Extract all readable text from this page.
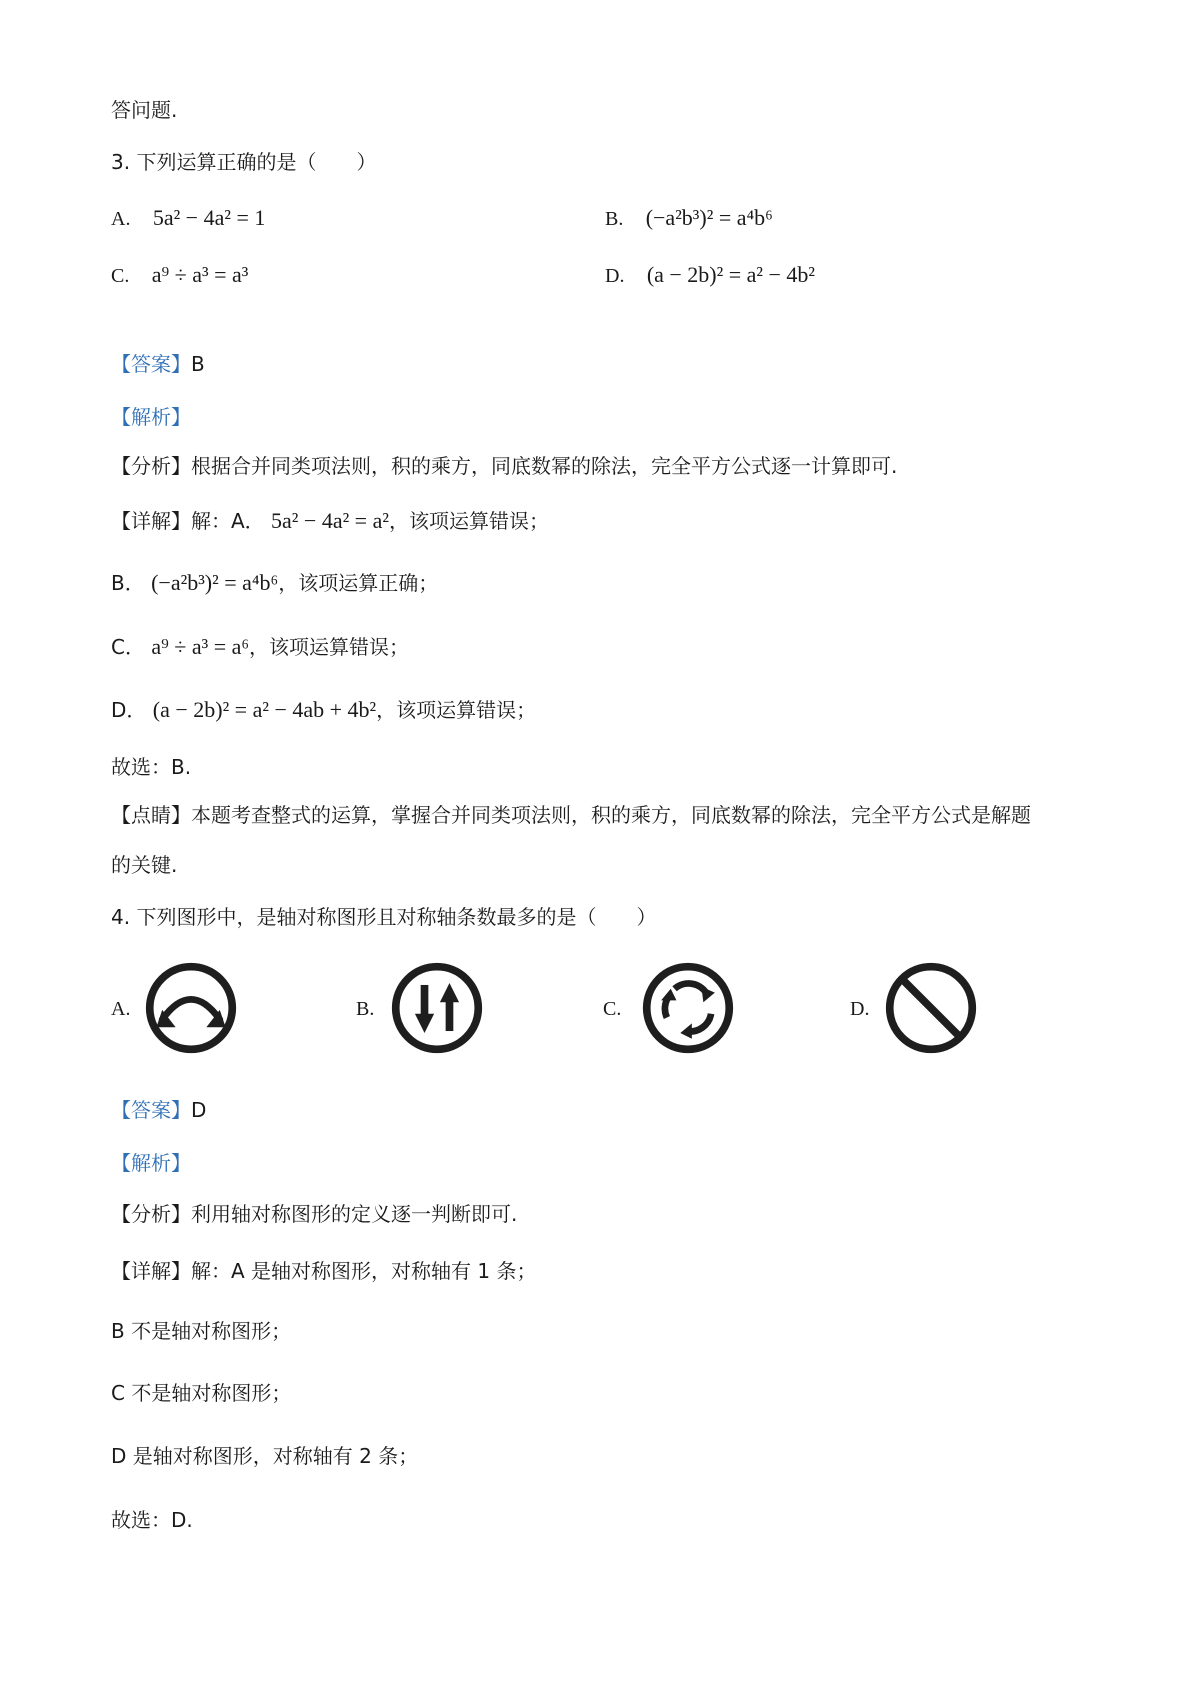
答问题.
3. 下列运算正确的是（　　）
A. 5a² − 4a² = 1	B. (−a²b³)² = a⁴b⁶
C. a⁹ ÷ a³ = a³	D. (a − 2b)² = a² − 4b²
【答案】B
【解析】
【分析】根据合并同类项法则，积的乘方，同底数幂的除法，完全平方公式逐一计算即可.
【详解】解：A． 5a² − 4a² = a²，该项运算错误；
B． (−a²b³)² = a⁴b⁶，该项运算正确；
C． a⁹ ÷ a³ = a⁶，该项运算错误；
D． (a − 2b)² = a² − 4ab + 4b²，该项运算错误；
故选：B.
【点睛】本题考查整式的运算，掌握合并同类项法则，积的乘方，同底数幂的除法，完全平方公式是解题
的关键.
4. 下列图形中，是轴对称图形且对称轴条数最多的是（　　）
A.	B.	C.	D.
【答案】D
【解析】
【分析】利用轴对称图形的定义逐一判断即可.
【详解】解：A 是轴对称图形，对称轴有 1 条；
B 不是轴对称图形；
C 不是轴对称图形；
D 是轴对称图形，对称轴有 2 条；
故选：D.
